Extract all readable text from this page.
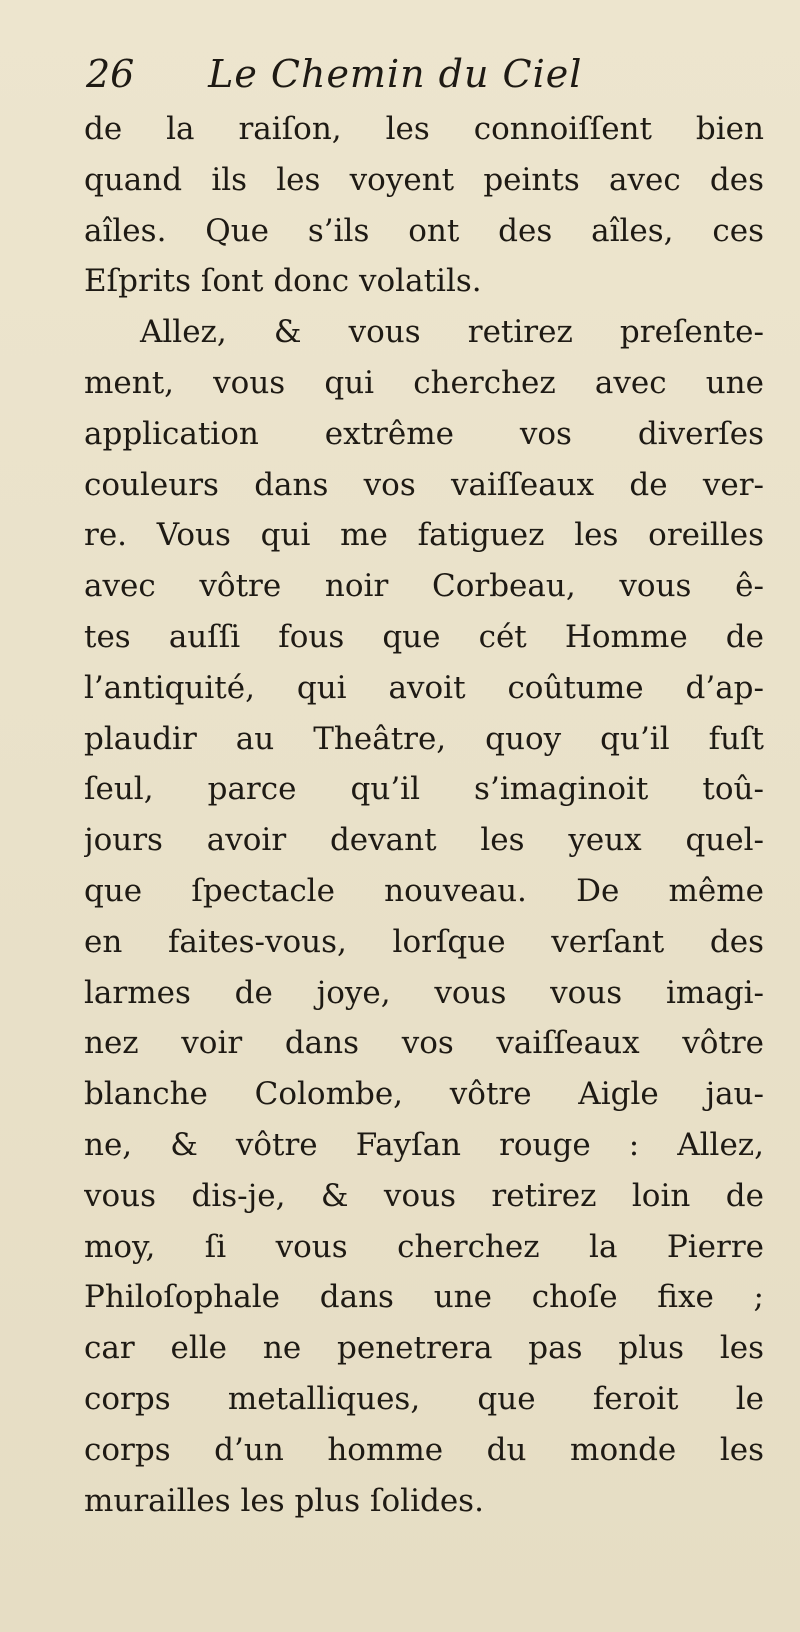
26 Le Chemin du Ciel
de la raiſon, les connoiſſent bien
quand ils les voyent peints avec des
aîles. Que s’ils ont des aîles, ces
Eſprits ſont donc volatils.
Allez, & vous retirez preſente-
ment, vous qui cherchez avec une
application extrême vos diverſes
couleurs dans vos vaiſſeaux de ver-
re. Vous qui me fatiguez les oreilles
avec vôtre noir Corbeau, vous ê-
tes auſſi fous que cét Homme de
l’antiquité, qui avoit coûtume d’ap-
plaudir au Theâtre, quoy qu’il fuſt
ſeul, parce qu’il s’imaginoit toû-
jours avoir devant les yeux quel-
que ſpectacle nouveau. De même
en faites-vous, lorſque verſant des
larmes de joye, vous vous imagi-
nez voir dans vos vaiſſeaux vôtre
blanche Colombe, vôtre Aigle jau-
ne, & vôtre Fayſan rouge : Allez,
vous dis-je, & vous retirez loin de
moy, ſi vous cherchez la Pierre
Philoſophale dans une choſe fixe ;
car elle ne penetrera pas plus les
corps metalliques, que feroit le
corps d’un homme du monde les
murailles les plus ſolides.
